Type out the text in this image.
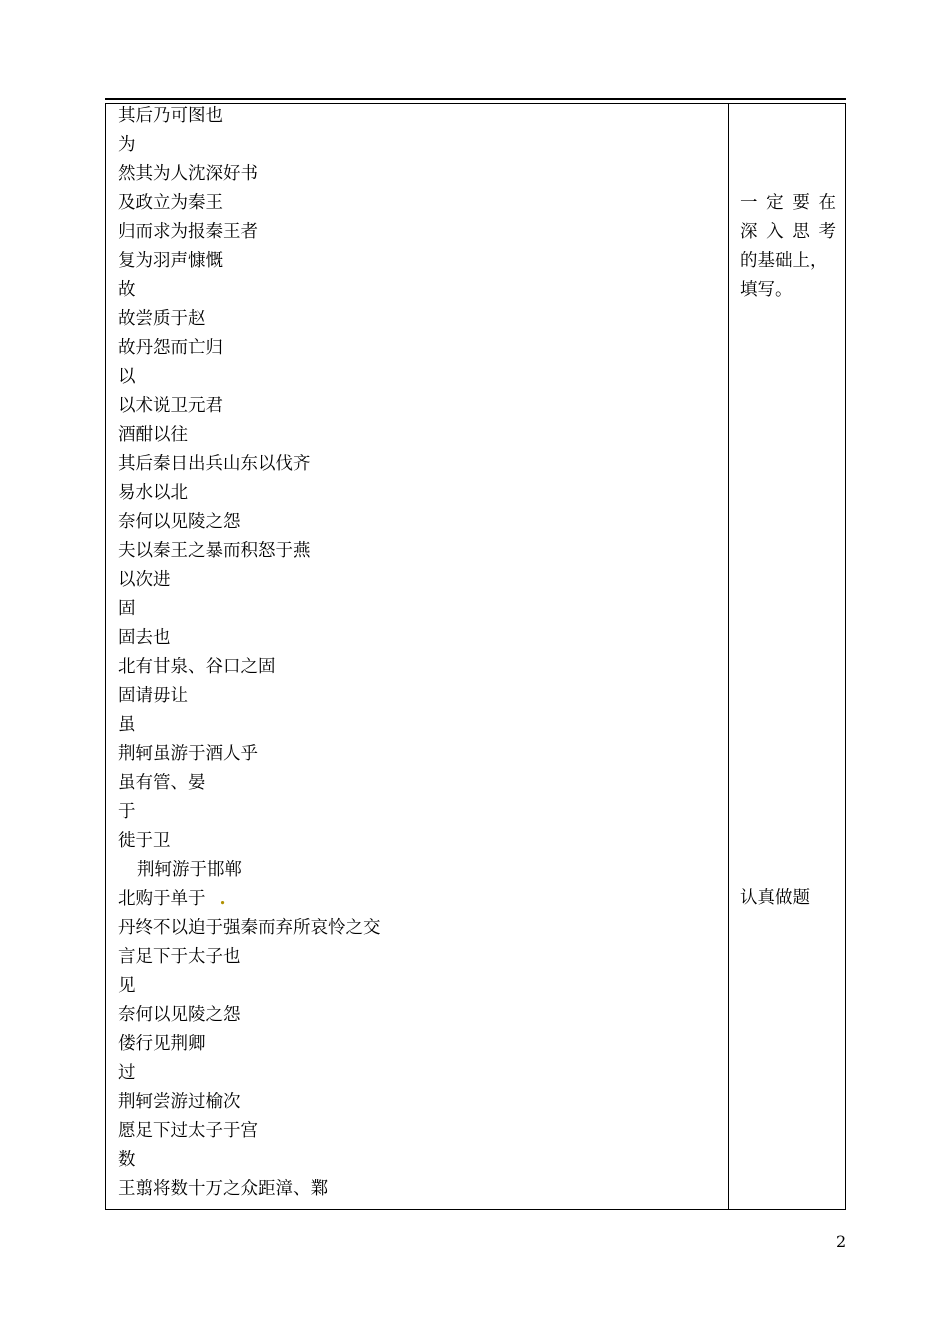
其后乃可图也
为
然其为人沈深好书
及政立为秦王
归而求为报秦王者
复为羽声慷慨
故
故尝质于赵
故丹怨而亡归
以
以术说卫元君
酒酣以往
其后秦日出兵山东以伐齐
易水以北
奈何以见陵之怨
夫以秦王之暴而积怒于燕
以次进
固
固去也
北有甘泉、谷口之固
固请毋让
虽
荆轲虽游于酒人乎
虽有管、晏
于
徙于卫
荆轲游于邯郸
北购于单于 .
丹终不以迫于强秦而弃所哀怜之交
言足下于太子也
见
奈何以见陵之怨
偻行见荆卿
过
荆轲尝游过榆次
愿足下过太子于宫
数
王翦将数十万之众距漳、鄴
一 定 要 在
深 入 思 考
的基础上，
填写。
认真做题
2
